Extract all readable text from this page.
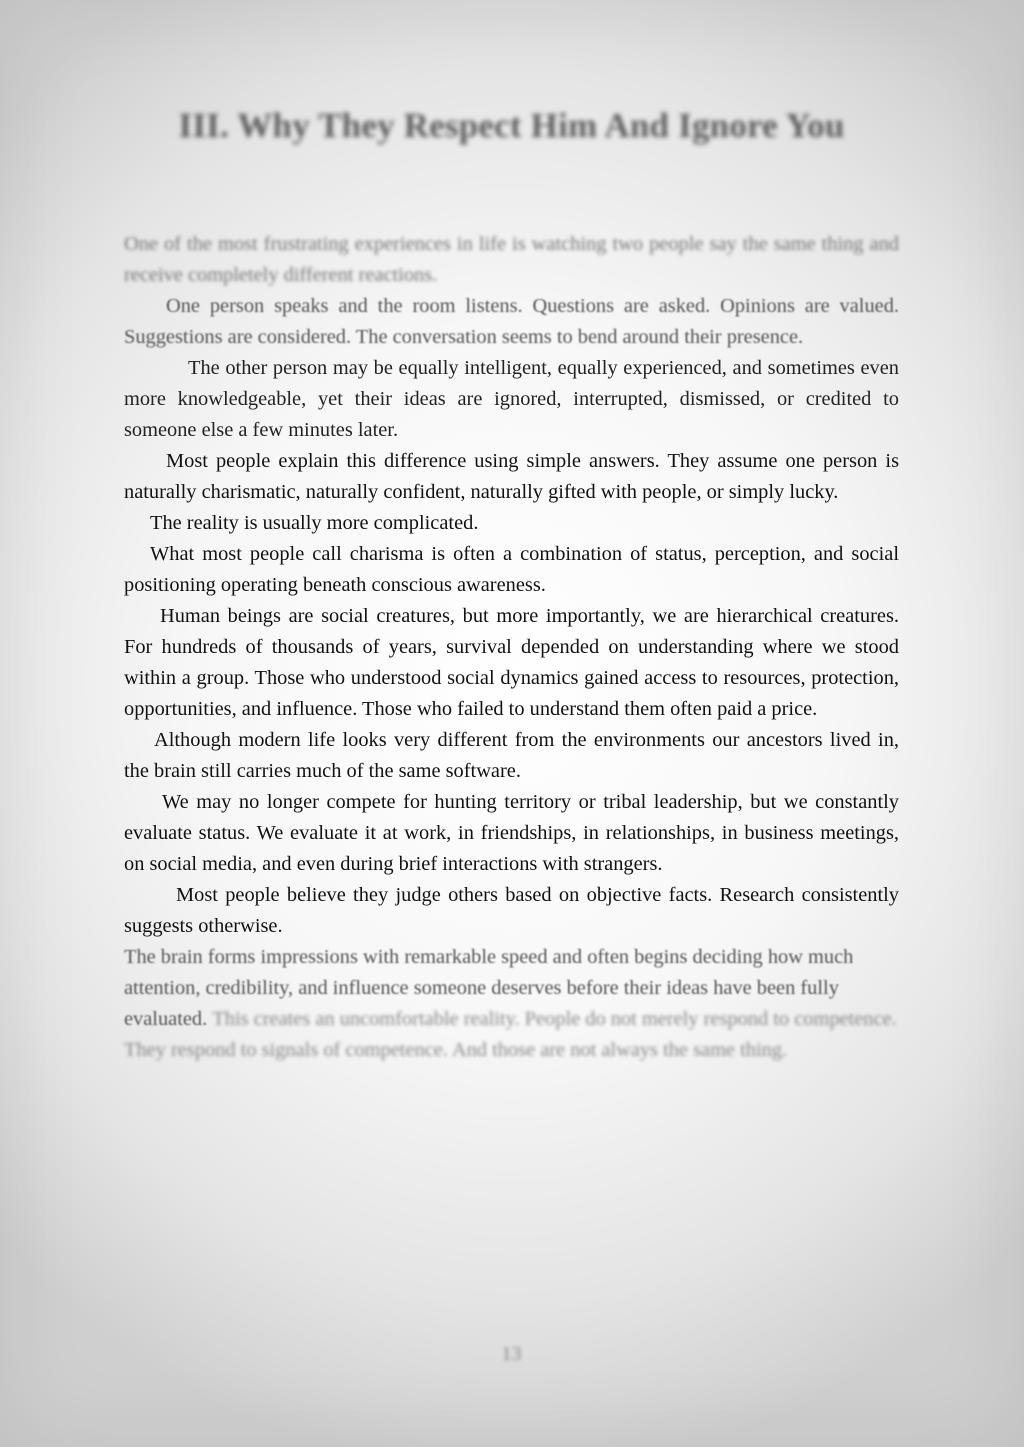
III. Why They Respect Him And Ignore You

One of the most frustrating experiences in life is watching two people say the same thing and receive completely different reactions.

One person speaks and the room listens. Questions are asked. Opinions are valued. Suggestions are considered. The conversation seems to bend around their presence.

The other person may be equally intelligent, equally experienced, and sometimes even more knowledgeable, yet their ideas are ignored, interrupted, dismissed, or credited to someone else a few minutes later.

Most people explain this difference using simple answers. They assume one person is naturally charismatic, naturally confident, naturally gifted with people, or simply lucky.

The reality is usually more complicated.

What most people call charisma is often a combination of status, perception, and social positioning operating beneath conscious awareness.

Human beings are social creatures, but more importantly, we are hierarchical creatures. For hundreds of thousands of years, survival depended on understanding where we stood within a group. Those who understood social dynamics gained access to resources, protection, opportunities, and influence. Those who failed to understand them often paid a price.

Although modern life looks very different from the environments our ancestors lived in, the brain still carries much of the same software.

We may no longer compete for hunting territory or tribal leadership, but we constantly evaluate status. We evaluate it at work, in friendships, in relationships, in business meetings, on social media, and even during brief interactions with strangers.

Most people believe they judge others based on objective facts. Research consistently suggests otherwise.

The brain forms impressions with remarkable speed and often begins deciding how much attention, credibility, and influence someone deserves before their ideas have been fully evaluated.

This creates an uncomfortable reality. People do not merely respond to competence. They respond to signals of competence. And those are not always the same thing.

13
